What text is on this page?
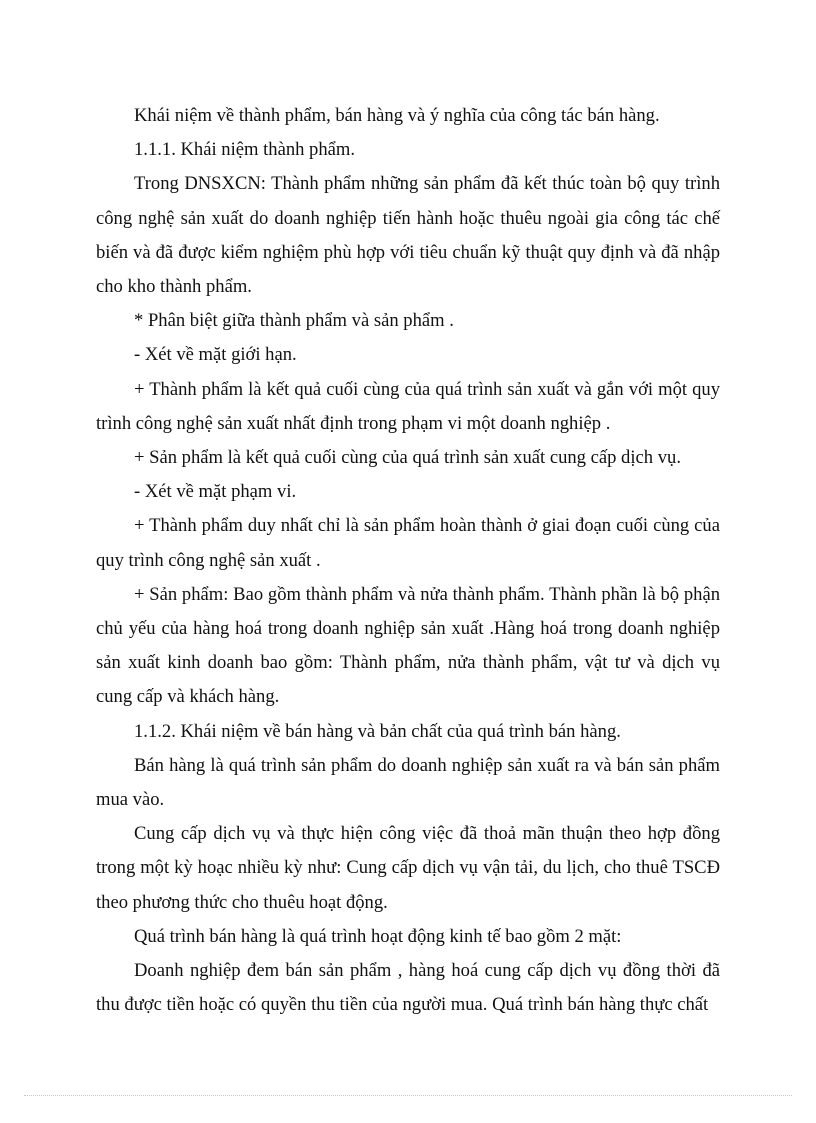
Khái niệm về thành phẩm, bán hàng và ý nghĩa của công tác bán hàng.

1.1.1. Khái niệm thành phẩm.

Trong DNSXCN: Thành phẩm những sản phẩm đã kết thúc toàn bộ quy trình công nghệ sản xuất do doanh nghiệp tiến hành hoặc thuêu ngoài gia công tác chế biến và đã được kiểm nghiệm phù hợp với tiêu chuẩn kỹ thuật quy định và đã nhập cho kho thành phẩm.

* Phân biệt giữa thành phẩm và sản phẩm .

- Xét về mặt giới hạn.

+ Thành phẩm là kết quả cuối cùng của quá trình sản xuất và gắn với một quy trình công nghệ sản xuất nhất định trong phạm vi một doanh nghiệp .

+ Sản phẩm là kết quả cuối cùng của quá trình sản xuất cung cấp dịch vụ.

- Xét về mặt phạm vi.

+ Thành phẩm duy nhất chỉ là sản phẩm hoàn thành ở giai đoạn cuối cùng của quy trình công nghệ sản xuất .

+ Sản phẩm: Bao gồm thành phẩm và nửa thành phẩm. Thành phần là bộ phận chủ yếu của hàng hoá trong doanh nghiệp sản xuất .Hàng hoá trong doanh nghiệp sản xuất kinh doanh bao gồm: Thành phẩm, nửa thành phẩm, vật tư và dịch vụ cung cấp và khách hàng.

1.1.2. Khái niệm về bán hàng và bản chất của quá trình bán hàng.

Bán hàng là quá trình sản phẩm do doanh nghiệp sản xuất ra và bán sản phẩm mua vào.

Cung cấp dịch vụ và thực hiện công việc đã thoả mãn thuận theo hợp đồng trong một kỳ hoạc nhiều kỳ như: Cung cấp dịch vụ vận tải, du lịch, cho thuê TSCĐ theo phương thức cho thuêu hoạt động.

Quá trình bán hàng là quá trình hoạt động kinh tế bao gồm 2 mặt:

Doanh nghiệp đem bán sản phẩm , hàng hoá cung cấp dịch vụ đồng thời đã thu được tiền hoặc có quyền thu tiền của người mua. Quá trình bán hàng thực chất
